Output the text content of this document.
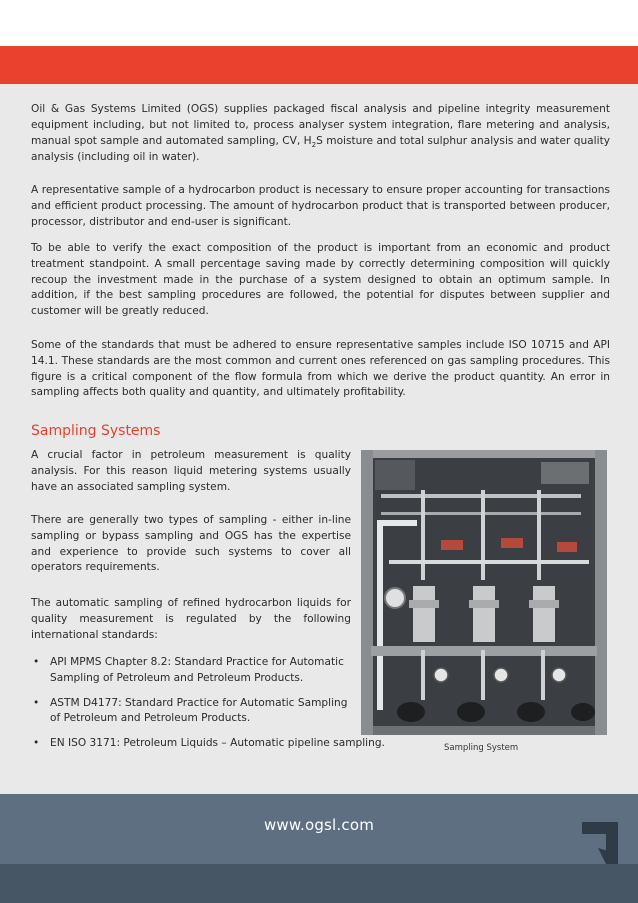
Oil & Gas Systems Limited (OGS) supplies packaged fiscal analysis and pipeline integrity measurement equipment including, but not limited to, process analyser system integration, flare metering and analysis, manual spot sample and automated sampling, CV, $H_2S$ moisture and total sulphur analysis and water quality analysis (including oil in water).

A representative sample of a hydrocarbon product is necessary to ensure proper accounting for transactions and efficient product processing. The amount of hydrocarbon product that is transported between producer, processor, distributor and end-user is significant.

To be able to verify the exact composition of the product is important from an economic and product treatment standpoint. A small percentage saving made by correctly determining composition will quickly recoup the investment made in the purchase of a system designed to obtain an optimum sample. In addition, if the best sampling procedures are followed, the potential for disputes between supplier and customer will be greatly reduced.

Some of the standards that must be adhered to ensure representative samples include ISO 10715 and API 14.1. These standards are the most common and current ones referenced on gas sampling procedures. This figure is a critical component of the flow formula from which we derive the product quantity. An error in sampling affects both quality and quantity, and ultimately profitability.

Sampling Systems

A crucial factor in petroleum measurement is quality analysis. For this reason liquid metering systems usually have an associated sampling system.

There are generally two types of sampling - either in-line sampling or bypass sampling and OGS has the expertise and experience to provide such systems to cover all operators requirements.

The automatic sampling of refined hydrocarbon liquids for quality measurement is regulated by the following international standards:

• API MPMS Chapter 8.2: Standard Practice for Automatic Sampling of Petroleum and Petroleum Products.
• ASTM D4177: Standard Practice for Automatic Sampling of Petroleum and Petroleum Products.
• EN ISO 3171: Petroleum Liquids – Automatic pipeline sampling.	Sampling System
www.ogsl.com
